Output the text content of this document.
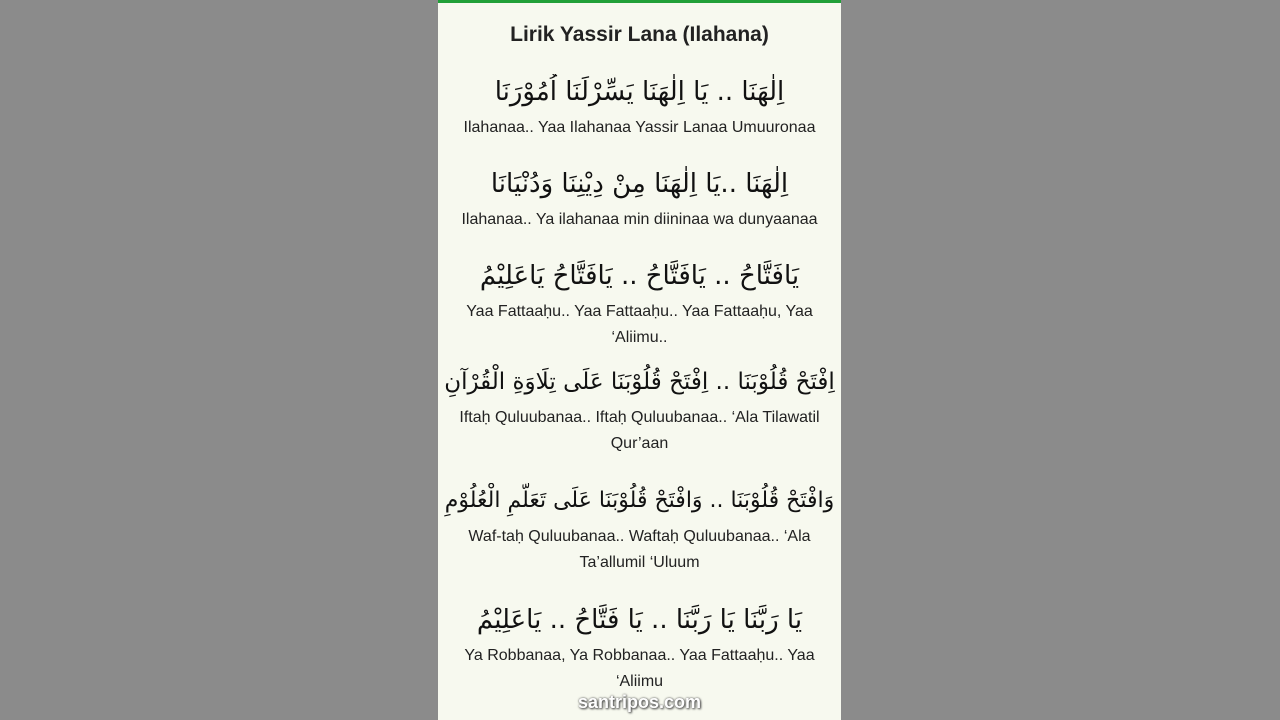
Lirik Yassir Lana (Ilahana)
اِلٰهَنَا .. يَا اِلٰهَنَا يَسِّرْلَنَا اُمُوْرَنَا
Ilahanaa.. Yaa Ilahanaa Yassir Lanaa Umuuronaa
اِلٰهَنَا ..يَا اِلٰهَنَا مِنْ دِيْنِنَا وَدُنْيَانَا
Ilahanaa.. Ya ilahanaa min diininaa wa dunyaanaa
يَافَتَّاحُ .. يَافَتَّاحُ .. يَافَتَّاحُ يَاعَلِيْمُ
Yaa Fattaaḥu.. Yaa Fattaaḥu.. Yaa Fattaaḥu, Yaa ‘Aliimu..
اِفْتَحْ قُلُوْبَنَا .. اِفْتَحْ قُلُوْبَنَا عَلَى تِلَاوَةِ الْقُرْآنِ
Iftaḥ Quluubanaa.. Iftaḥ Quluubanaa.. ‘Ala Tilawatil Qur’aan
وَافْتَحْ قُلُوْبَنَا .. وَافْتَحْ قُلُوْبَنَا عَلَى تَعَلُّمِ الْعُلُوْمِ
Waf-taḥ Quluubanaa.. Waftaḥ Quluubanaa.. ‘Ala Ta’allumil ‘Uluum
يَا رَبَّنَا يَا رَبَّنَا .. يَا فَتَّاحُ .. يَاعَلِيْمُ
Ya Robbanaa, Ya Robbanaa.. Yaa Fattaaḥu.. Yaa ‘Aliimu
santripos.com
